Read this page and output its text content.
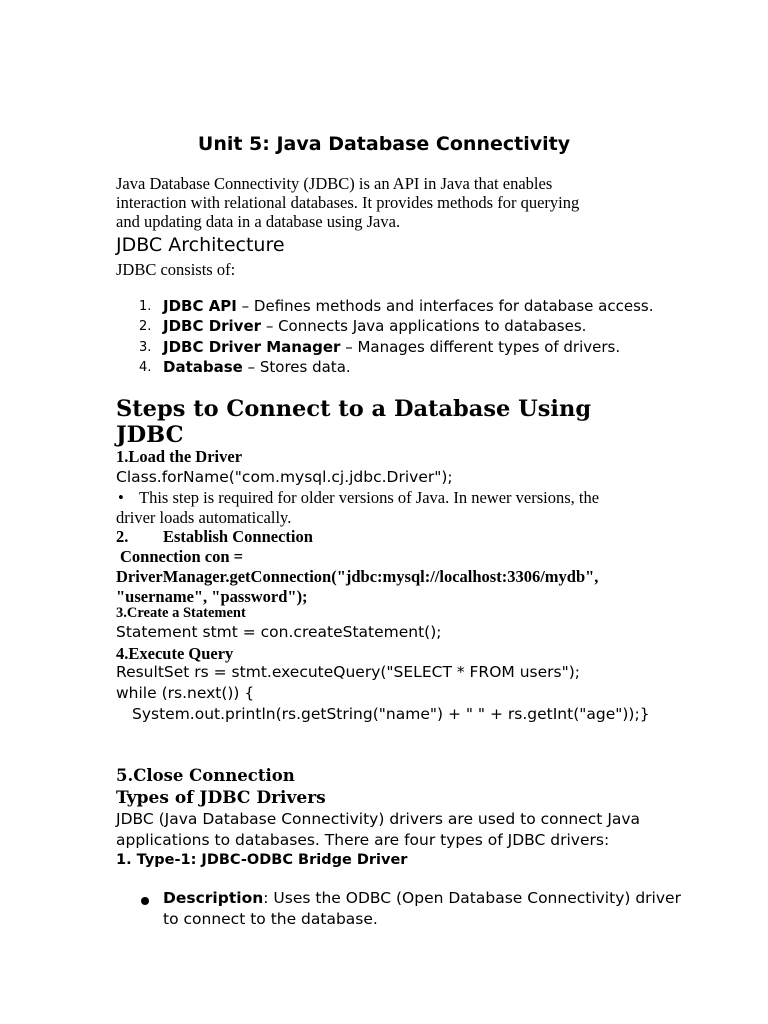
Unit 5: Java Database Connectivity
Java Database Connectivity (JDBC) is an API in Java that enables
interaction with relational databases. It provides methods for querying
and updating data in a database using Java.
JDBC Architecture
JDBC consists of:
1. JDBC API – Defines methods and interfaces for database access.
2. JDBC Driver – Connects Java applications to databases.
3. JDBC Driver Manager – Manages different types of drivers.
4. Database – Stores data.
Steps to Connect to a Database Using
JDBC
1.Load the Driver
Class.forName("com.mysql.cj.jdbc.Driver");
• This step is required for older versions of Java. In newer versions, the
driver loads automatically.
2. Establish Connection
Connection con =
DriverManager.getConnection("jdbc:mysql://localhost:3306/mydb",
"username", "password");
3.Create a Statement
Statement stmt = con.createStatement();
4.Execute Query
ResultSet rs = stmt.executeQuery("SELECT * FROM users");
while (rs.next()) {
System.out.println(rs.getString("name") + " " + rs.getInt("age"));}
5.Close Connection
Types of JDBC Drivers
JDBC (Java Database Connectivity) drivers are used to connect Java
applications to databases. There are four types of JDBC drivers:
1. Type-1: JDBC-ODBC Bridge Driver
Description: Uses the ODBC (Open Database Connectivity) driver
to connect to the database.
